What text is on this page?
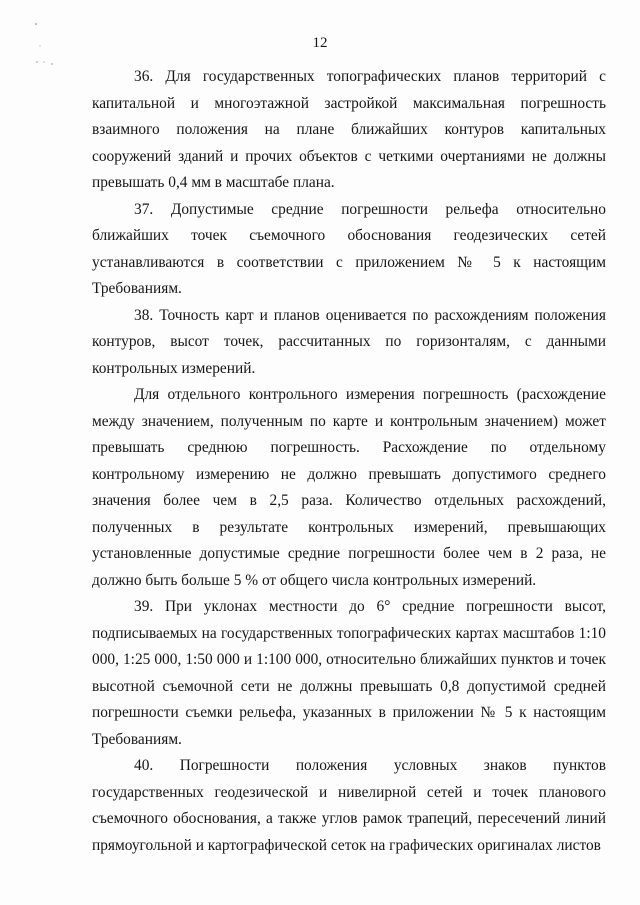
12

36. Для государственных топографических планов территорий с капитальной и многоэтажной застройкой максимальная погрешность взаимного положения на плане ближайших контуров капитальных сооружений зданий и прочих объектов с четкими очертаниями не должны превышать 0,4 мм в масштабе плана.

37. Допустимые средние погрешности рельефа относительно ближайших точек съемочного обоснования геодезических сетей устанавливаются в соответствии с приложением № 5 к настоящим Требованиям.

38. Точность карт и планов оценивается по расхождениям положения контуров, высот точек, рассчитанных по горизонталям, с данными контрольных измерений.

Для отдельного контрольного измерения погрешность (расхождение между значением, полученным по карте и контрольным значением) может превышать среднюю погрешность. Расхождение по отдельному контрольному измерению не должно превышать допустимого среднего значения более чем в 2,5 раза. Количество отдельных расхождений, полученных в результате контрольных измерений, превышающих установленные допустимые средние погрешности более чем в 2 раза, не должно быть больше 5 % от общего числа контрольных измерений.

39. При уклонах местности до 6° средние погрешности высот, подписываемых на государственных топографических картах масштабов 1:10 000, 1:25 000, 1:50 000 и 1:100 000, относительно ближайших пунктов и точек высотной съемочной сети не должны превышать 0,8 допустимой средней погрешности съемки рельефа, указанных в приложении № 5 к настоящим Требованиям.

40. Погрешности положения условных знаков пунктов государственных геодезической и нивелирной сетей и точек планового съемочного обоснования, а также углов рамок трапеций, пересечений линий прямоугольной и картографической сеток на графических оригиналах листов
